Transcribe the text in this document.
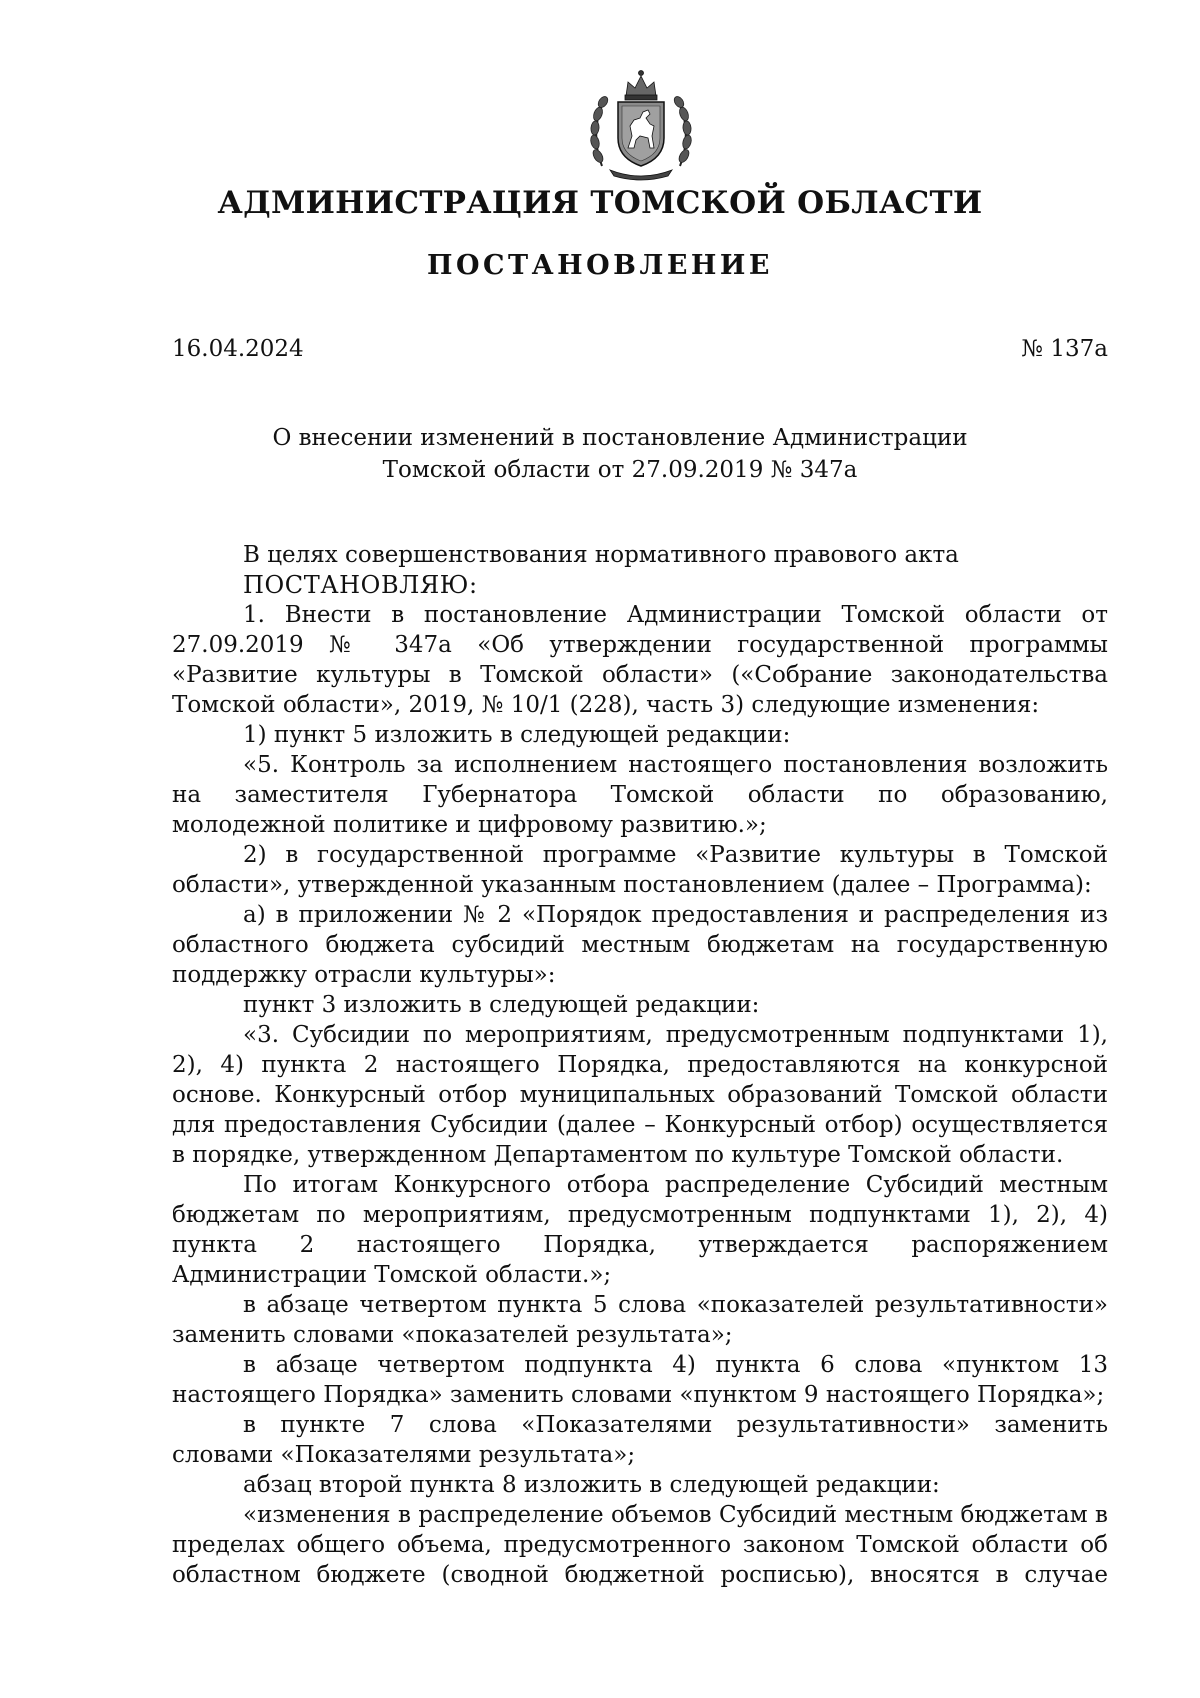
АДМИНИСТРАЦИЯ ТОМСКОЙ ОБЛАСТИ
ПОСТАНОВЛЕНИЕ
16.04.2024	№ 137а
О внесении изменений в постановление Администрации
Томской области от 27.09.2019 № 347а

В целях совершенствования нормативного правового акта

ПОСТАНОВЛЯЮ:

1. Внести в постановление Администрации Томской области от 27.09.2019 № 347а «Об утверждении государственной программы «Развитие культуры в Томской области» («Собрание законодательства Томской области», 2019, № 10/1 (228), часть 3) следующие изменения:

1) пункт 5 изложить в следующей редакции:

«5. Контроль за исполнением настоящего постановления возложить на заместителя Губернатора Томской области по образованию, молодежной политике и цифровому развитию.»;

2) в государственной программе «Развитие культуры в Томской области», утвержденной указанным постановлением (далее – Программа):

а) в приложении № 2 «Порядок предоставления и распределения из областного бюджета субсидий местным бюджетам на государственную поддержку отрасли культуры»:

пункт 3 изложить в следующей редакции:

«3. Субсидии по мероприятиям, предусмотренным подпунктами 1), 2), 4) пункта 2 настоящего Порядка, предоставляются на конкурсной основе. Конкурсный отбор муниципальных образований Томской области для предоставления Субсидии (далее – Конкурсный отбор) осуществляется в порядке, утвержденном Департаментом по культуре Томской области.

По итогам Конкурсного отбора распределение Субсидий местным бюджетам по мероприятиям, предусмотренным подпунктами 1), 2), 4) пункта 2 настоящего Порядка, утверждается распоряжением Администрации Томской области.»;

в абзаце четвертом пункта 5 слова «показателей результативности» заменить словами «показателей результата»;

в абзаце четвертом подпункта 4) пункта 6 слова «пунктом 13 настоящего Порядка» заменить словами «пунктом 9 настоящего Порядка»;

в пункте 7 слова «Показателями результативности» заменить словами «Показателями результата»;

абзац второй пункта 8 изложить в следующей редакции:

«изменения в распределение объемов Субсидий местным бюджетам в пределах общего объема, предусмотренного законом Томской области об областном бюджете (сводной бюджетной росписью), вносятся в случае
